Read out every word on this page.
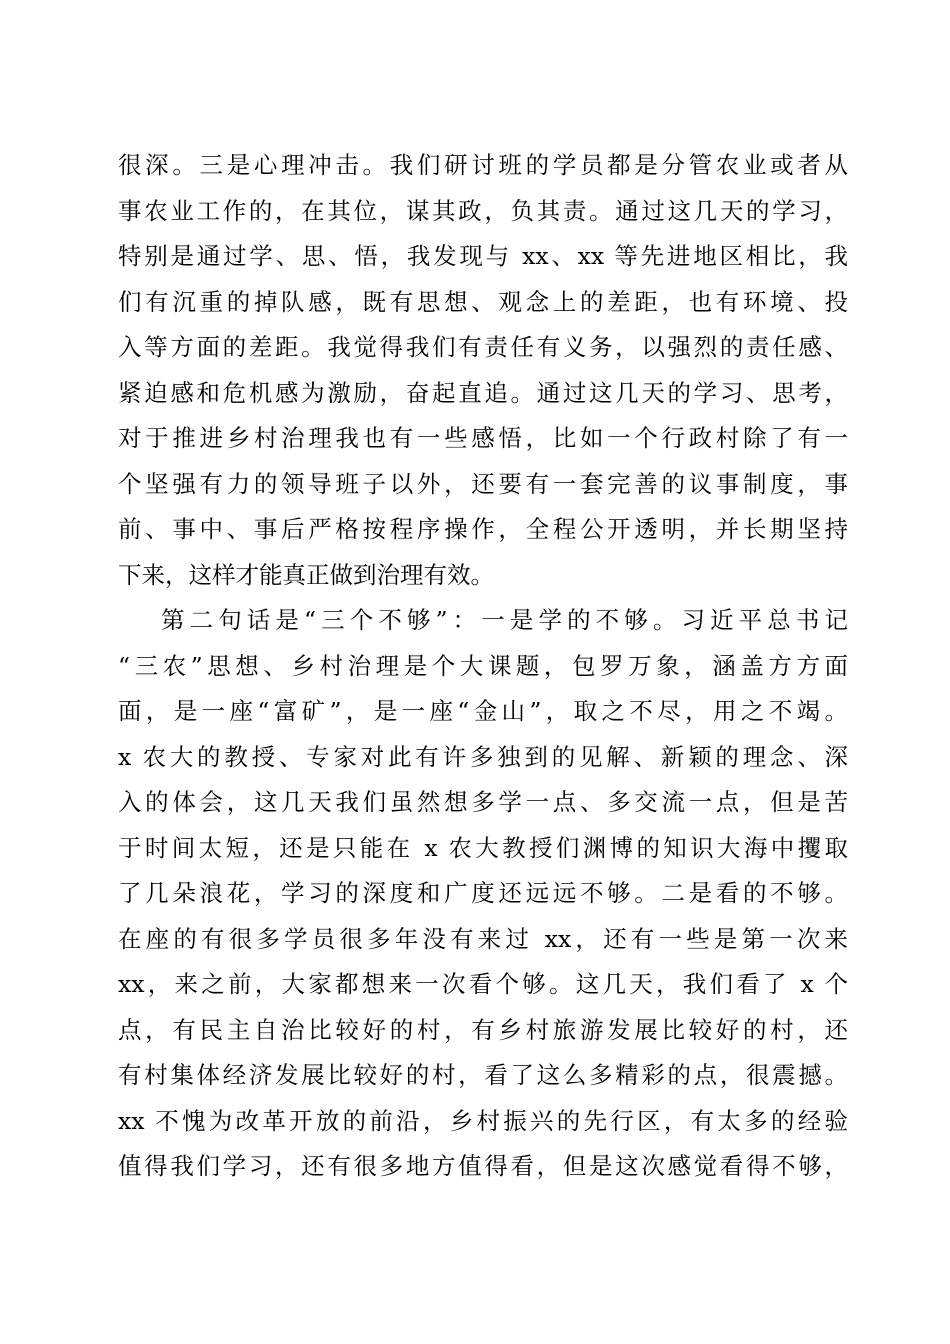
很深。三是心理冲击。我们研讨班的学员都是分管农业或者从
事农业工作的，在其位，谋其政，负其责。通过这几天的学习，
特别是通过学、思、悟，我发现与 xx、xx 等先进地区相比，我
们有沉重的掉队感，既有思想、观念上的差距，也有环境、投
入等方面的差距。我觉得我们有责任有义务，以强烈的责任感、
紧迫感和危机感为激励，奋起直追。通过这几天的学习、思考，
对于推进乡村治理我也有一些感悟，比如一个行政村除了有一
个坚强有力的领导班子以外，还要有一套完善的议事制度，事
前、事中、事后严格按程序操作，全程公开透明，并长期坚持
下来，这样才能真正做到治理有效。
第二句话是“三个不够”：一是学的不够。习近平总书记
“三农”思想、乡村治理是个大课题，包罗万象，涵盖方方面
面，是一座“富矿”，是一座“金山”，取之不尽，用之不竭。
x 农大的教授、专家对此有许多独到的见解、新颖的理念、深
入的体会，这几天我们虽然想多学一点、多交流一点，但是苦
于时间太短，还是只能在 x 农大教授们渊博的知识大海中攫取
了几朵浪花，学习的深度和广度还远远不够。二是看的不够。
在座的有很多学员很多年没有来过 xx，还有一些是第一次来
xx，来之前，大家都想来一次看个够。这几天，我们看了 x 个
点，有民主自治比较好的村，有乡村旅游发展比较好的村，还
有村集体经济发展比较好的村，看了这么多精彩的点，很震撼。
xx 不愧为改革开放的前沿，乡村振兴的先行区，有太多的经验
值得我们学习，还有很多地方值得看，但是这次感觉看得不够，
